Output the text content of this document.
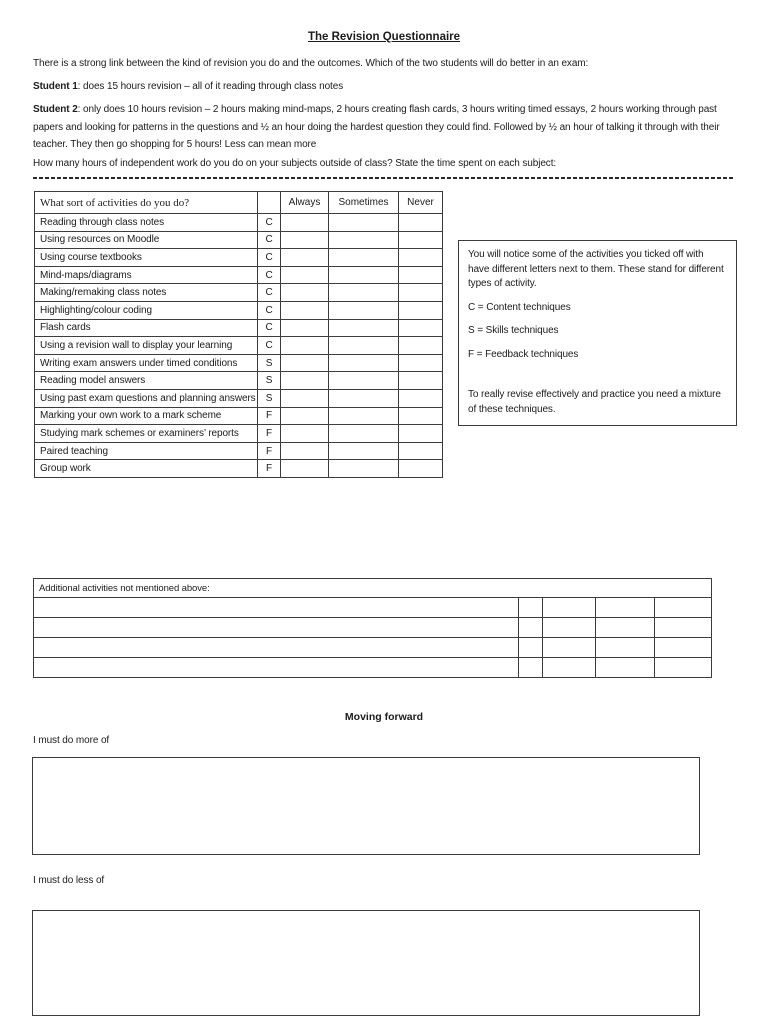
The Revision Questionnaire

There is a strong link between the kind of revision you do and the outcomes. Which of the two students will do better in an exam:

Student 1: does 15 hours revision – all of it reading through class notes

Student 2: only does 10 hours revision – 2 hours making mind-maps, 2 hours creating flash cards, 3 hours writing timed essays, 2 hours working through past papers and looking for patterns in the questions and ½ an hour doing the hardest question they could find. Followed by ½ an hour of talking it through with their teacher. They then go shopping for 5 hours! Less can mean more

How many hours of independent work do you do on your subjects outside of class? State the time spent on each subject:

What sort of activities do you do?		Always	Sometimes	Never
Reading through class notes	C			
Using resources on Moodle	C			
Using course textbooks	C			
Mind-maps/diagrams	C			
Making/remaking class notes	C			
Highlighting/colour coding	C			
Flash cards	C			
Using a revision wall to display your learning	C			
Writing exam answers under timed conditions	S			
Reading model answers	S			
Using past exam questions and planning answers	S			
Marking your own work to a mark scheme	F			
Studying mark schemes or examiners’ reports	F			
Paired teaching	F			
Group work	F			

You will notice some of the activities you ticked off with have different letters next to them. These stand for different types of activity.

C = Content techniques

S = Skills techniques

F = Feedback techniques

To really revise effectively and practice you need a mixture of these techniques.

Additional activities not mentioned above:				

Moving forward

I must do more of

I must do less of
